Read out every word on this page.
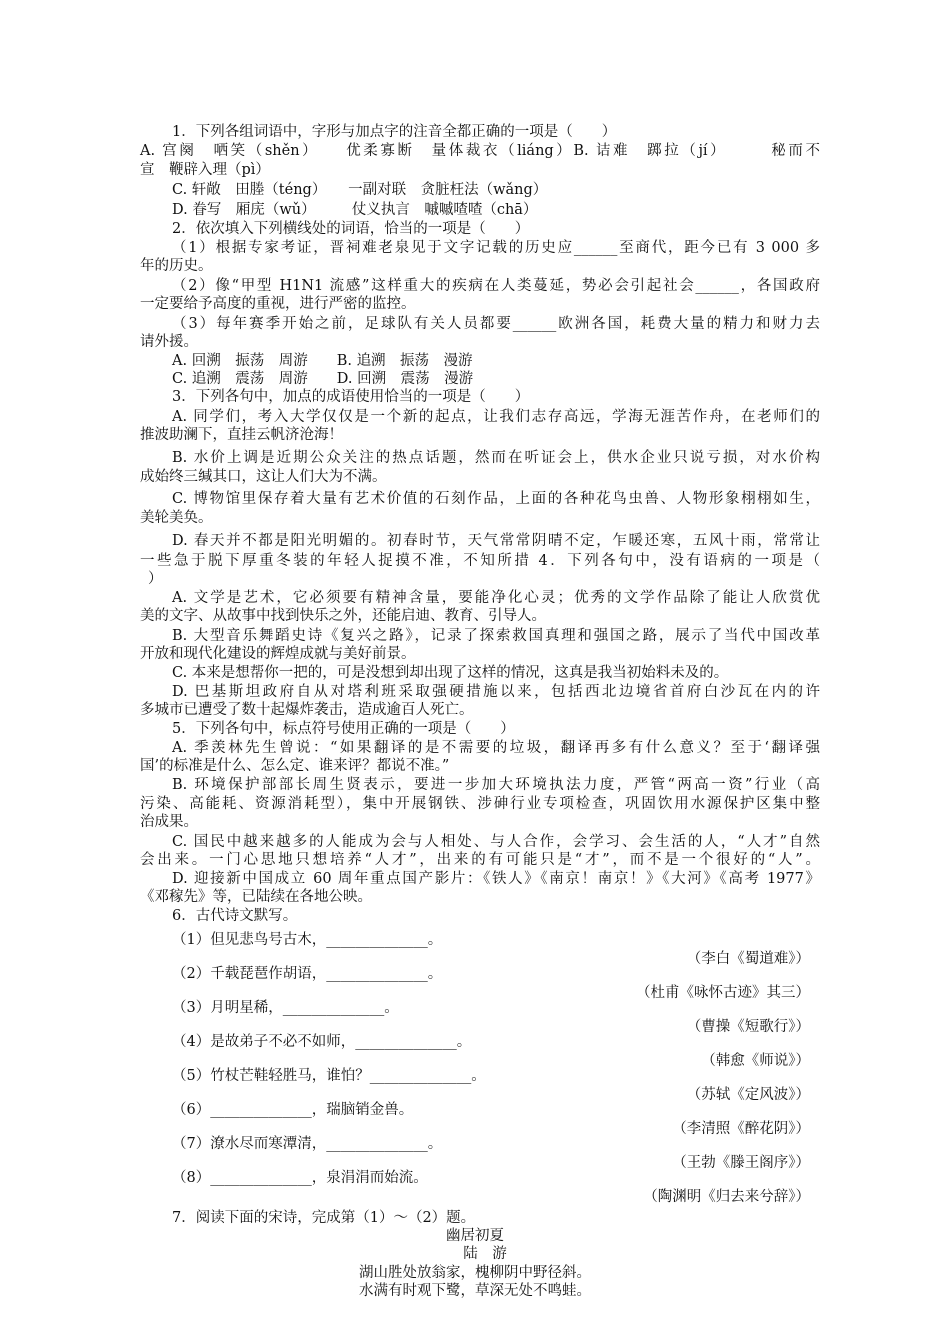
1．下列各组词语中，字形与加点字的注音全都正确的一项是（　　）
A. 宫阕　哂笑（shěn）　　优柔寡断　量体裁衣（liáng）B. 诘难　踯拉（jí）　　　秘而不
宣　鞭辟入理（pì）
C. 轩敞　田塍（téng）　　一副对联　贪脏枉法（wǎng）
D. 眷写　厢庑（wǔ）　　　仗义执言　嘁嘁喳喳（chā）
2．依次填入下列横线处的词语，恰当的一项是（　　）
（1）根据专家考证，晋祠难老泉见于文字记载的历史应______至商代，距今已有 3 000 多
年的历史。
（2）像“甲型 H1N1 流感”这样重大的疾病在人类蔓延，势必会引起社会______，各国政府
一定要给予高度的重视，进行严密的监控。
（3）每年赛季开始之前，足球队有关人员都要______欧洲各国，耗费大量的精力和财力去
请外援。
A. 回溯　振荡　周游　　B. 追溯　振荡　漫游
C. 追溯　震荡　周游　　D. 回溯　震荡　漫游
3．下列各句中，加点的成语使用恰当的一项是（　　）
A. 同学们，考入大学仅仅是一个新的起点，让我们志存高远，学海无涯苦作舟，在老师们的
推波助澜下，直挂云帆济沧海！
B. 水价上调是近期公众关注的热点话题，然而在听证会上，供水企业只说亏损，对水价构
成始终三缄其口，这让人们大为不满。
C. 博物馆里保存着大量有艺术价值的石刻作品，上面的各种花鸟虫兽、人物形象栩栩如生，
美轮美奂。
D. 春天并不都是阳光明媚的。初春时节，天气常常阴晴不定，乍暖还寒，五风十雨，常常让
一些急于脱下厚重冬装的年轻人捉摸不准，不知所措 4．下列各句中，没有语病的一项是（
）
A. 文学是艺术，它必须要有精神含量，要能净化心灵；优秀的文学作品除了能让人欣赏优
美的文字、从故事中找到快乐之外，还能启迪、教育、引导人。
B. 大型音乐舞蹈史诗《复兴之路》，记录了探索救国真理和强国之路，展示了当代中国改革
开放和现代化建设的辉煌成就与美好前景。
C. 本来是想帮你一把的，可是没想到却出现了这样的情况，这真是我当初始料未及的。
D. 巴基斯坦政府自从对塔利班采取强硬措施以来，包括西北边境省首府白沙瓦在内的许
多城市已遭受了数十起爆炸袭击，造成逾百人死亡。
5．下列各句中，标点符号使用正确的一项是（　　）
A. 季羡林先生曾说：“如果翻译的是不需要的垃圾，翻译再多有什么意义？至于‘翻译强
国’的标准是什么、怎么定、谁来评？都说不准。”
B. 环境保护部部长周生贤表示，要进一步加大环境执法力度，严管“两高一资”行业（高
污染、高能耗、资源消耗型），集中开展钢铁、涉砷行业专项检查，巩固饮用水源保护区集中整
治成果。
C. 国民中越来越多的人能成为会与人相处、与人合作，会学习、会生活的人，“人才”自然
会出来。一门心思地只想培养“人才”，出来的有可能只是“才”，而不是一个很好的“人”。
D. 迎接新中国成立 60 周年重点国产影片：《铁人》《南京！南京！》《大河》《高考 1977》
《邓稼先》等，已陆续在各地公映。
6．古代诗文默写。
（1）但见悲鸟号古木，______________。
（李白《蜀道难》）
（2）千载琵琶作胡语，______________。
（杜甫《咏怀古迹》其三）
（3）月明星稀，______________。
（曹操《短歌行》）
（4）是故弟子不必不如师，______________。
（韩愈《师说》）
（5）竹杖芒鞋轻胜马，谁怕？______________。
（苏轼《定风波》）
（6）______________，瑞脑销金兽。
（李清照《醉花阴》）
（7）潦水尽而寒潭清，______________。
（王勃《滕王阁序》）
（8）______________，泉涓涓而始流。
（陶渊明《归去来兮辞》）
7．阅读下面的宋诗，完成第（1）～（2）题。
幽居初夏
陆　游
湖山胜处放翁家，槐柳阴中野径斜。
水满有时观下鹭，草深无处不鸣蛙。
